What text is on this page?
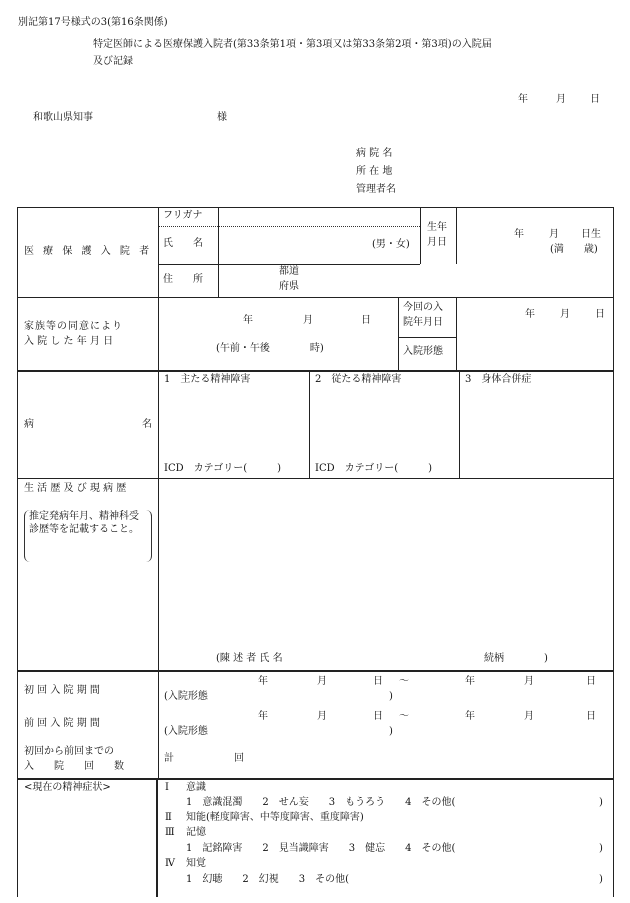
別記第17号様式の3(第16条関係)
特定医師による医療保護入院者(第33条第1項・第3項又は第33条第2項・第3項)の入院届
及び記録
年	月 日
和歌山県知事	様
病 院 名
所 在 地
管理者名
医 療 保 護 入 院 者
フリガナ
氏　　名	(男・女)
生年
月日
年	月 日生
(満　　歳)
住　　所
都道
府県
家族等の同意により
入 院 し た 年 月 日
年	月	日
(午前・午後　　　　時)
今回の入
院年月日
年	月	日
入院形態
病	名
1　主たる精神障害	2　従たる精神障害	3　身体合併症
ICD　カテゴリー(　　　)	ICD　カテゴリー(　　　)
生 活 歴 及 び 現 病 歴
推定発病年月、精神科受診歴等を記載すること。
(陳 述 者 氏 名	続柄　　　　)
初 回 入 院 期 間
年	月	日 ～	年	月	日
(入院形態	)
前 回 入 院 期 間
年	月	日 ～	年	月	日
(入院形態	)
初回から前回までの
入　　院　　回　　数
計	回
<現在の精神症状>	Ⅰ 意識
1　意識混濁　　2　せん妄　　3　もうろう　　4　その他(	)
Ⅱ 知能(軽度障害、中等度障害、重度障害)
Ⅲ 記憶
1　記銘障害　　2　見当識障害　　3　健忘　　4　その他(	)
Ⅳ 知覚
1　幻聴　　2　幻視　　3　その他(	)
